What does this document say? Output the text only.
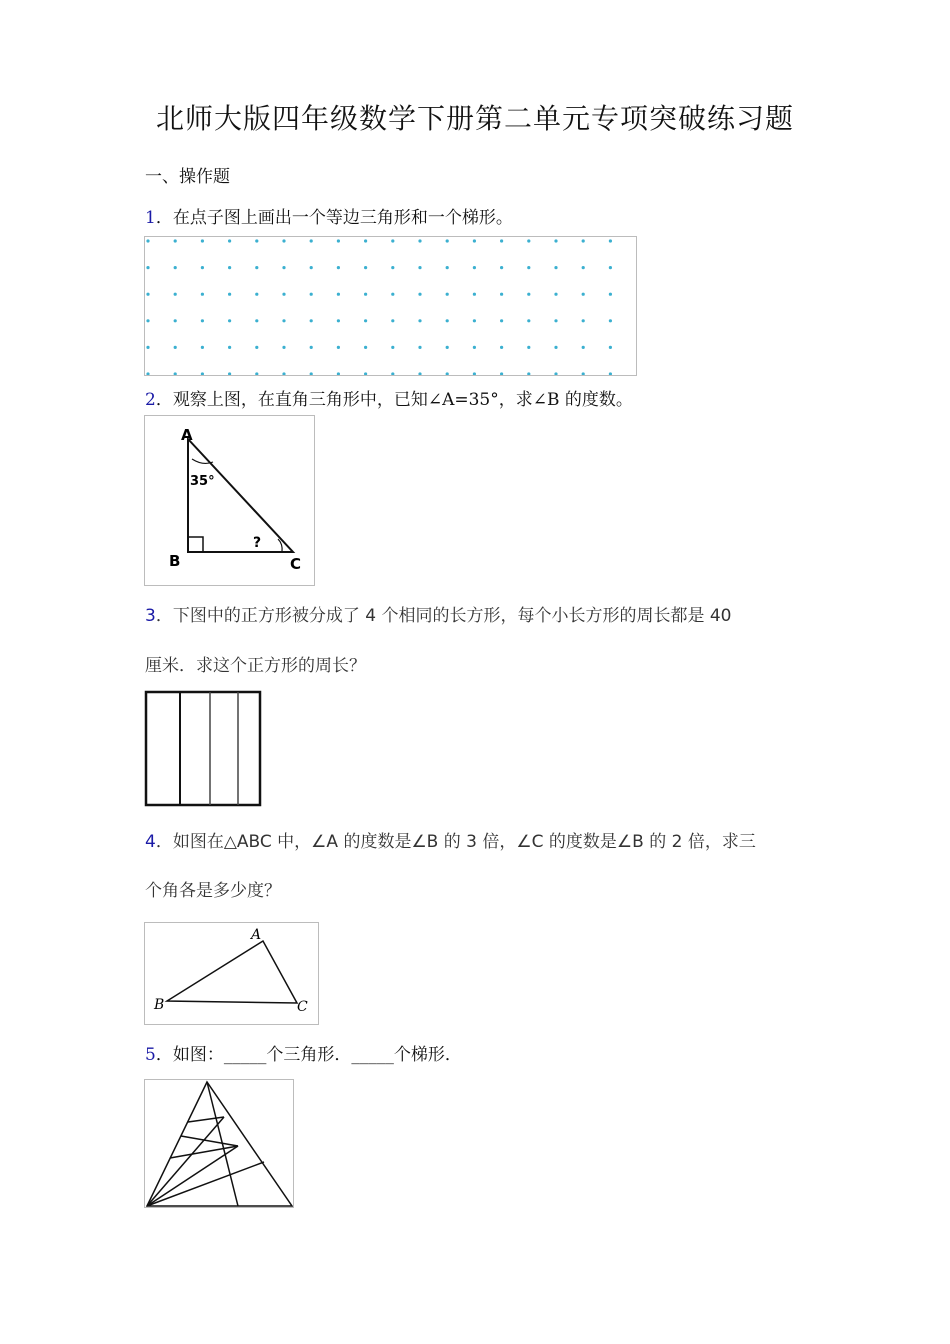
北师大版四年级数学下册第二单元专项突破练习题
一、操作题
1．在点子图上画出一个等边三角形和一个梯形。
2．观察上图，在直角三角形中，已知∠A=35°，求∠B 的度数。
A
B	C
35°
?
3．下图中的正方形被分成了 4 个相同的长方形，每个小长方形的周长都是 40
厘米．求这个正方形的周长？
4．如图在△ABC 中，∠A 的度数是∠B 的 3 倍，∠C 的度数是∠B 的 2 倍，求三
个角各是多少度？
A
B	C
5．如图：_____个三角形．_____个梯形．
